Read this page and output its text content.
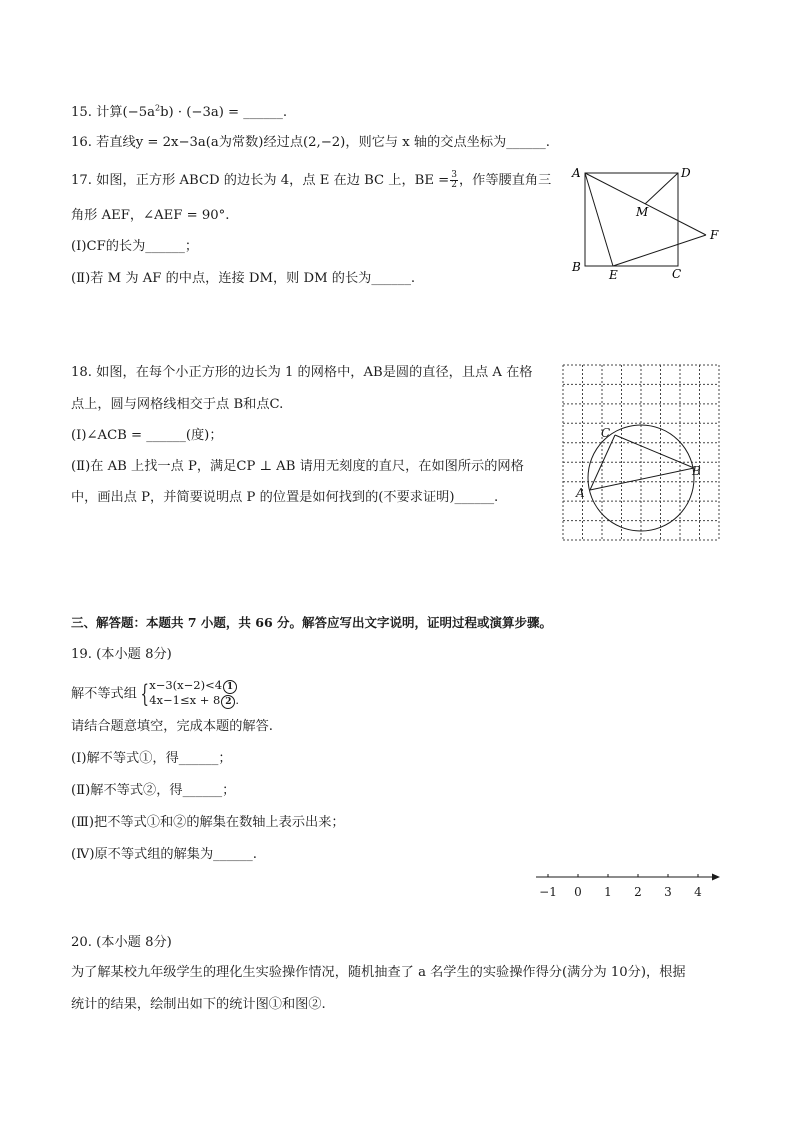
15. 计算$(-5a^2b) \cdot (-3a)$ = ______.
16. 若直线y = 2x−3a(a为常数)经过点(2,−2)，则它与 x 轴的交点坐标为______.
17. 如图，正方形 ABCD 的边长为 4，点 E 在边 BC 上，BE = $\frac{3}{2}$ ，作等腰直角三
角形 AEF，∠AEF = 90°.
(Ⅰ)CF的长为______；
(Ⅱ)若 M 为 AF 的中点，连接 DM，则 DM 的长为______.
A
B	C
D
E
F
M
18. 如图，在每个小正方形的边长为 1 的网格中，AB是圆的直径，且点 A 在格
点上，圆与网格线相交于点 B和点C.
(Ⅰ)∠ACB = ______(度)；
(Ⅱ)在 AB 上找一点 P，满足CP ⊥ AB 请用无刻度的直尺，在如图所示的网格
中，画出点 P，并简要说明点 P 的位置是如何找到的(不要求证明)______.	A
B
C
三、解答题：本题共 7 小题，共 66 分。解答应写出文字说明，证明过程或演算步骤。
19. (本小题 8分)
解不等式组 { x−3(x−2)<4 1
4x−1≤x + 8 2 .
请结合题意填空，完成本题的解答.
(Ⅰ)解不等式①，得______；
(Ⅱ)解不等式②，得______；
(Ⅲ)把不等式①和②的解集在数轴上表示出来；
(Ⅳ)原不等式组的解集为______.
−1 0 1 2 3 4
20. (本小题 8分)
为了解某校九年级学生的理化生实验操作情况，随机抽查了 a 名学生的实验操作得分(满分为 10分)，根据
统计的结果，绘制出如下的统计图①和图②.
